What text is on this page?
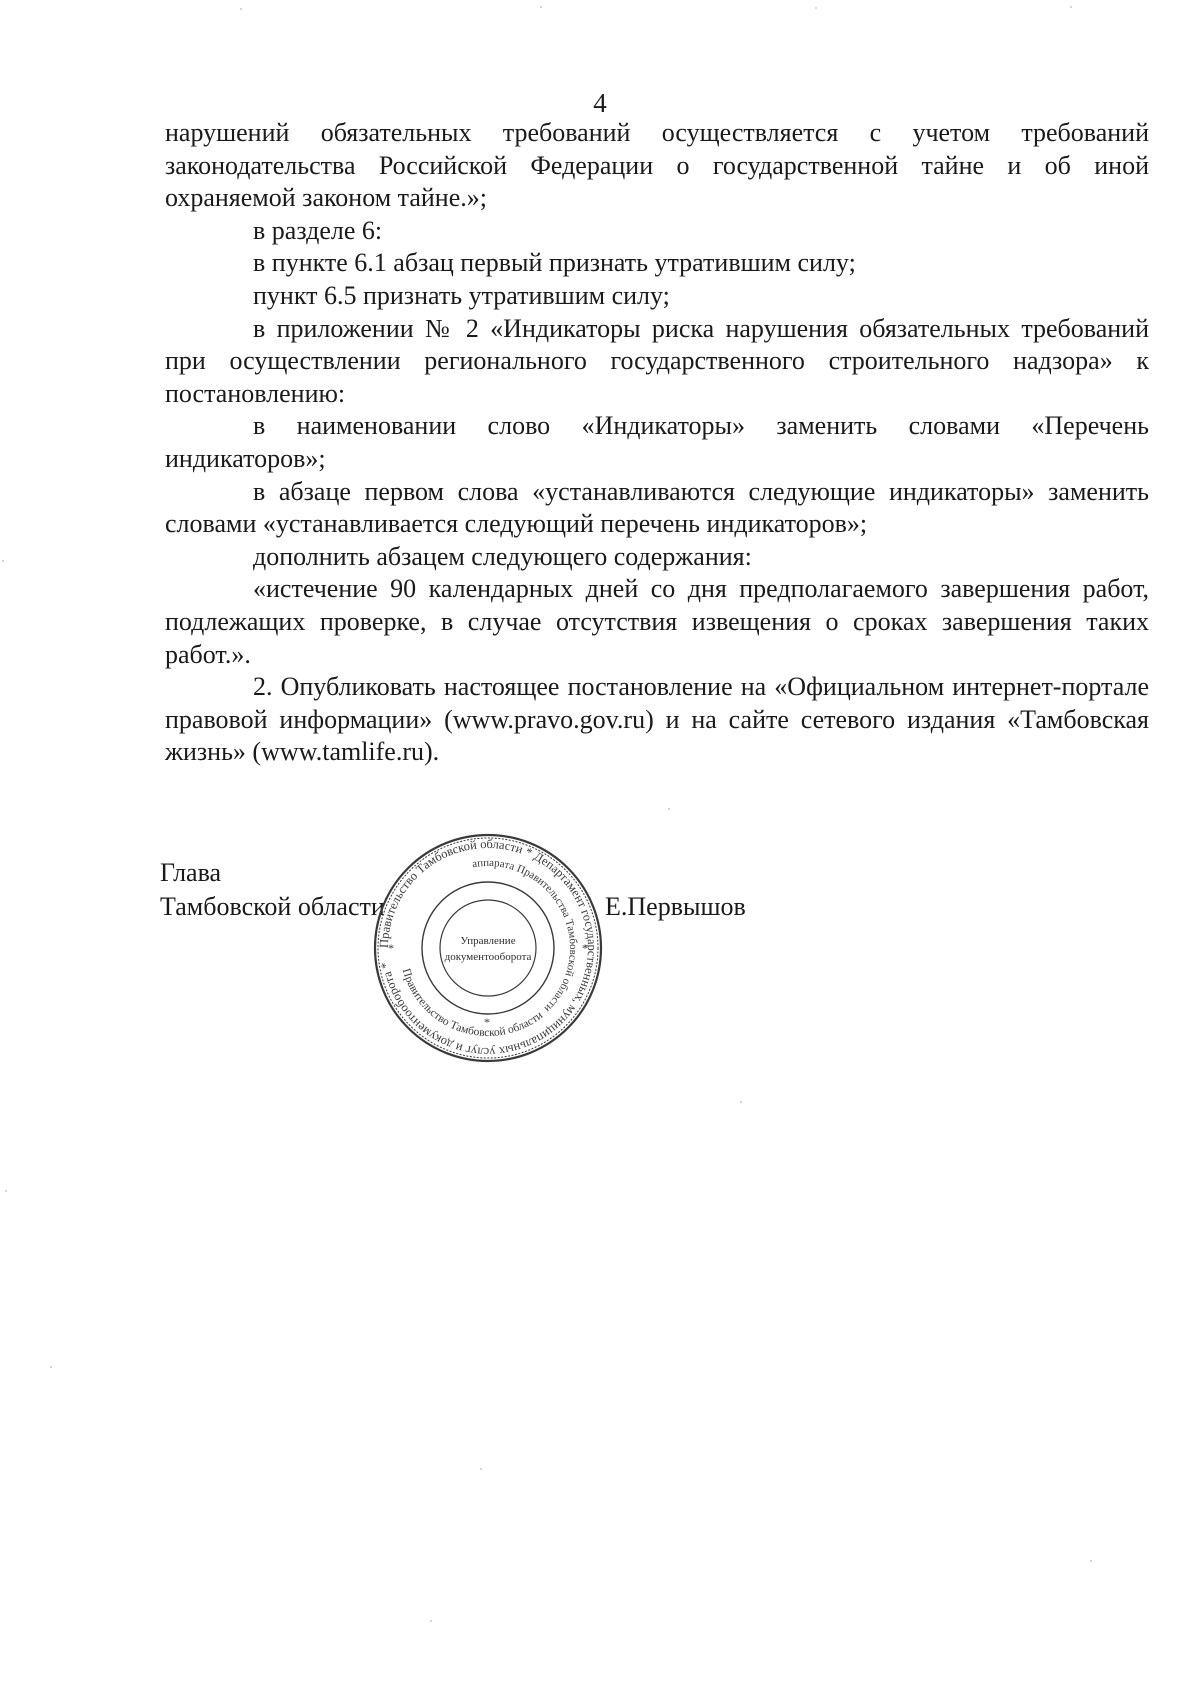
4

нарушений обязательных требований осуществляется с учетом требований законодательства Российской Федерации о государственной тайне и об иной охраняемой законом тайне.»;

в разделе 6:

в пункте 6.1 абзац первый признать утратившим силу;

пункт 6.5 признать утратившим силу;

в приложении № 2 «Индикаторы риска нарушения обязательных требований при осуществлении регионального государственного строительного надзора» к постановлению:

в наименовании слово «Индикаторы» заменить словами «Перечень индикаторов»;

в абзаце первом слова «устанавливаются следующие индикаторы» заменить словами «устанавливается следующий перечень индикаторов»;

дополнить абзацем следующего содержания:

«истечение 90 календарных дней со дня предполагаемого завершения работ, подлежащих проверке, в случае отсутствия извещения о сроках завершения таких работ.».

2. Опубликовать настоящее постановление на «Официальном интернет-портале правовой информации» (www.pravo.gov.ru) и на сайте сетевого издания «Тамбовская жизнь» (www.tamlife.ru).

Глава
Тамбовской области	Е.Первышов
Правительство Тамбовской области * Департамент государственных, муниципальных услуг и документооборота *
аппарата Правительства Тамбовской области
Правительство Тамбовской области
Управление
документооборота
*	*
*
